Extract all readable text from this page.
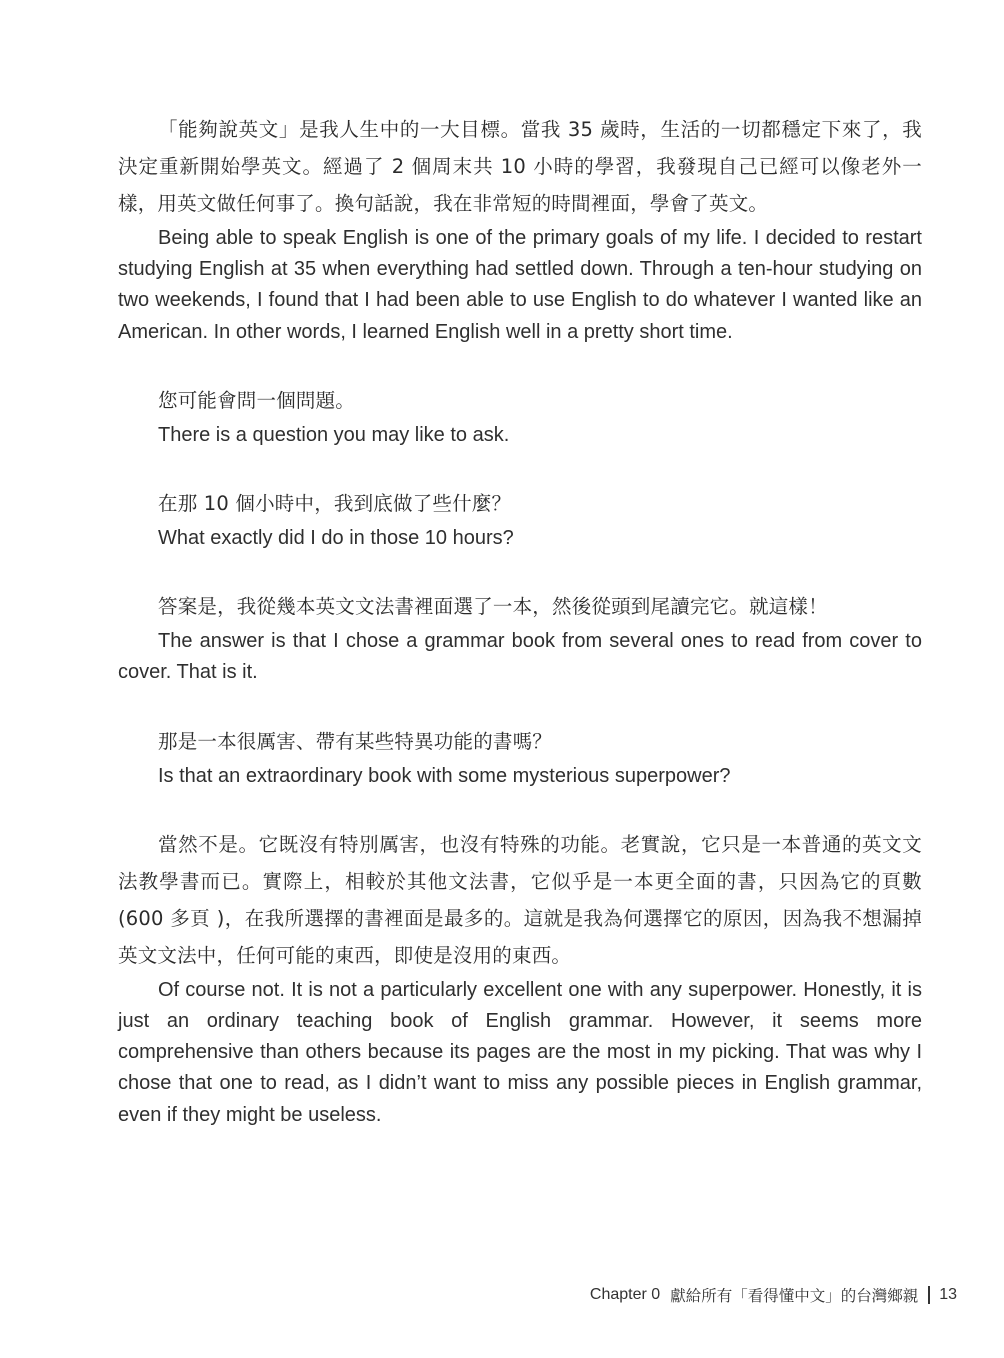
「能夠說英文」是我人生中的一大目標。當我 35 歲時，生活的一切都穩定下來了，我決定重新開始學英文。經過了 2 個周末共 10 小時的學習，我發現自己已經可以像老外一樣，用英文做任何事了。換句話說，我在非常短的時間裡面，學會了英文。

Being able to speak English is one of the primary goals of my life. I decided to restart studying English at 35 when everything had settled down. Through a ten-hour studying on two weekends, I found that I had been able to use English to do whatever I wanted like an American. In other words, I learned English well in a pretty short time.

您可能會問一個問題。

There is a question you may like to ask.

在那 10 個小時中，我到底做了些什麼？

What exactly did I do in those 10 hours?

答案是，我從幾本英文文法書裡面選了一本，然後從頭到尾讀完它。就這樣！

The answer is that I chose a grammar book from several ones to read from cover to cover. That is it.

那是一本很厲害、帶有某些特異功能的書嗎？

Is that an extraordinary book with some mysterious superpower?

當然不是。它既沒有特別厲害，也沒有特殊的功能。老實說，它只是一本普通的英文文法教學書而已。實際上，相較於其他文法書，它似乎是一本更全面的書，只因為它的頁數 (600 多頁 )，在我所選擇的書裡面是最多的。這就是我為何選擇它的原因，因為我不想漏掉英文文法中，任何可能的東西，即使是沒用的東西。

Of course not. It is not a particularly excellent one with any superpower. Honestly, it is just an ordinary teaching book of English grammar. However, it seems more comprehensive than others because its pages are the most in my picking. That was why I chose that one to read, as I didn’t want to miss any possible pieces in English grammar, even if they might be useless.

Chapter 0 獻給所有「看得懂中文」的台灣鄉親 13
